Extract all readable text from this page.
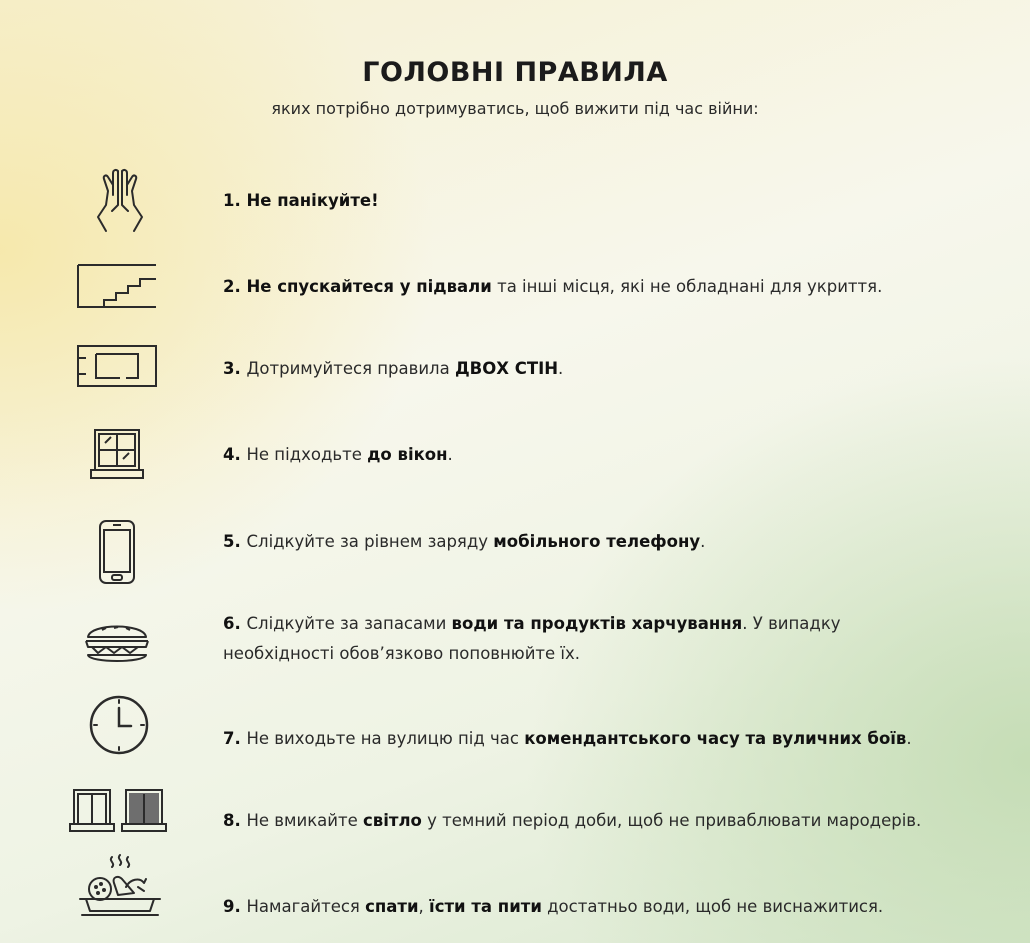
ГОЛОВНІ ПРАВИЛА
яких потрібно дотримуватись, щоб вижити під час війни:
1. Не панікуйте!
2. Не спускайтеся у підвали та інші місця, які не обладнані для укриття.
3. Дотримуйтеся правила ДВОХ СТІН.
4. Не підходьте до вікон.
5. Слідкуйте за рівнем заряду мобільного телефону.
6. Слідкуйте за запасами води та продуктів харчування. У випадку
необхідності обов’язково поповнюйте їх.
7. Не виходьте на вулицю під час комендантського часу та вуличних боїв.
8. Не вмикайте світло у темний період доби, щоб не приваблювати мародерів.
9. Намагайтеся спати, їсти та пити достатньо води, щоб не виснажитися.
